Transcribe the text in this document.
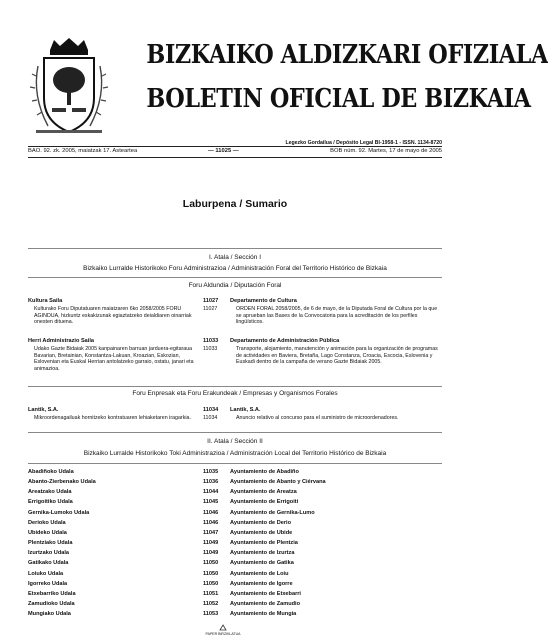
BIZKAIKO ALDIZKARI OFIZIALA
BOLETIN OFICIAL DE BIZKAIA
Legezko Gordailua / Depósito Legal BI-1958-1 - ISSN. 1134-8720
BAO. 92. zk. 2005, maiatzak 17. Asteartea	— 11025 —	BOB núm. 92. Martes, 17 de mayo de 2005
Laburpena / Sumario
I. Atala / Sección I
Bizkaiko Lurralde Historikoko Foru Administrazioa / Administración Foral del Territorio Histórico de Bizkaia
Foru Aldundia / Diputación Foral
Kultura Saila	11027 Departamento de Cultura
Kulturako Foru Diputatuaren maiatzaren 6ko 2058/2005 FORU AGINDUA, hizkuntz eskakizunak egiaztatzeko deialdiaren oinarriak onesten dituena.
11027	ORDEN FORAL 2058/2005, de 6 de mayo, de la Diputada Foral de Cultura por la que se aprueban las Bases de la Convocatoria para la acreditación de los perfiles lingüísticos.
Herri Administrazio Saila	11033 Departamento de Administración Pública
Udako Gazte Bidaiak 2005 kanpainaren barruan jarduera-egitaraua Bavarian, Bretainian, Konstantza-Lakuan, Kroazian, Eskozian, Eslovenian eta Euskal Herrian antolatzeko garraio, ostatu, janari eta animazioa.
11033	Transporte, alojamiento, manutención y animación para la organización de programas de actividades en Baviera, Bretaña, Lago Constanza, Croacia, Escocia, Eslovenia y Euskadi dentro de la campaña de verano Gazte Bidaiak 2005.
Foru Enpresak eta Foru Erakundeak / Empresas y Organismos Forales
Lantik, S.A.	11034 Lantik, S.A.
Mikroordenagailuak hornitzeko kontratuaren lehiaketaren iragarkia.	11034	Anuncio relativo al concurso para el suministro de microordenadores.
II. Atala / Sección II
Bizkaiko Lurralde Historikoko Toki Administrazioa / Administración Local del Territorio Histórico de Bizkaia
Abadiñoko Udala	11035 Ayuntamiento de Abadiño
Abanto-Zierbenako Udala	11036 Ayuntamiento de Abanto y Ciérvana
Areatzako Udala	11044 Ayuntamiento de Areatza
Errigoitiko Udala	11045 Ayuntamiento de Errigoiti
Gernika-Lumoko Udala	11046 Ayuntamiento de Gernika-Lumo
Derioko Udala	11046 Ayuntamiento de Derio
Ubideko Udala	11047 Ayuntamiento de Ubide
Plentziako Udala	11049 Ayuntamiento de Plentzia
Izurtzako Udala	11049 Ayuntamiento de Izurtza
Gatikako Udala	11050 Ayuntamiento de Gatika
Loiuko Udala	11050 Ayuntamiento de Loiu
Igorreko Udala	11050 Ayuntamiento de Igorre
Etxebarriko Udala	11051 Ayuntamiento de Etxebarri
Zamudioko Udala	11052 Ayuntamiento de Zamudio
Mungiako Udala	11053 Ayuntamiento de Mungia
PAPER BIRZIKLATUA
